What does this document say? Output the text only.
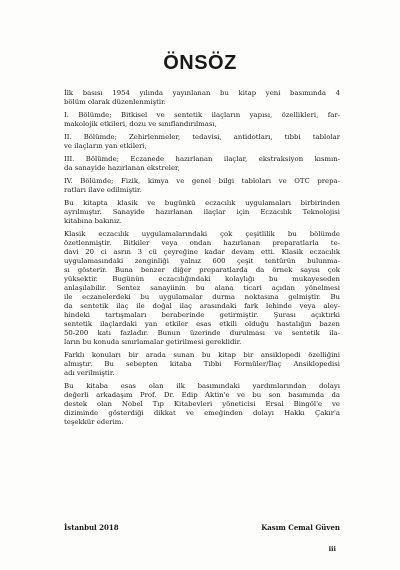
ÖNSÖZ

İlk basısı 1954 yılında yayınlanan bu kitap yeni basımında 4
bölüm olarak düzenlenmiştir.

I. Bölümde; Bitkisel ve sentetik ilaçların yapısı, özellikleri, far-
makolojik etkileri, dozu ve sınıflandırılması,

II. Bölümde; Zehirlenmeler, tedavisi, antidotları, tıbbi tablolar
ve ilaçların yan etkileri,

III. Bölümde; Eczanede hazırlanan ilaçlar, ekstraksiyon kısmın-
da sanayide hazırlanan ekstreler,

IV. Bölümde; Fizik, kimya ve genel bilgi tabloları ve OTC prepa-
ratları ilave edilmiştir.

Bu kitapta klasik ve bugünkü eczacılık uygulamaları birbirinden
ayrılmıştır. Sanayide hazırlanan ilaçlar için Eczacılık Teknolojisi
kitabına bakınız.

Klasik eczacılık uygulamalarındaki çok çeşitlilik bu bölümde
özetlenmiştir. Bitkiler veya ondan hazırlanan preparatlarla te-
davi 20 ci asrın 3 cü çeyreğine kadar devam etti. Klasik eczacılık
uygulamasındaki zenginliği yalnız 600 çeşit tentürün bulunma-
sı gösterir. Buna benzer diğer preparatlarda da örnek sayısı çok
yüksektir. Bugünün eczacılığındaki kolaylığı bu mukayeseden
anlaşılabilir. Sentez sanayiinin bu alana ticari açıdan yönelmesi
ile eczanelerdeki bu uygulamalar durma noktasına gelmiştir. Bu
da sentetik ilaç ile doğal ilaç arasındaki fark lehinde veya aley-
hindeki tartışmaları beraberinde getirmiştir. Şurası açıktırki
sentetik ilaçlardaki yan etkiler esas etkili olduğu hastalığın bazen
50-200 katı fazladır. Bunun üzerinde durulması ve sentetik ila-
ların bu konuda sınırlamalar getirilmesi gereklidir.

Farklı konuları bir arada sunan bu kitap bir ansiklopedi özelliğini
almıştır. Bu sebepten kitaba Tıbbi Formüler/İlaç Ansiklopedisi
adı verilmiştir.

Bu kitaba esas olan ilk basımındaki yardımlarından dolayı
değerli arkadaşım Prof. Dr. Edip Aktin'e ve bu son basımında da
destek olan Nobel Tıp Kitabevleri yöneticisi Ersal Bingöl'e ve
diziminde gösterdiği dikkat ve emeğinden dolayı Hakkı Çakır'a
teşekkür ederim.

İstanbul 2018	Kasım Cemal Güven
iii
